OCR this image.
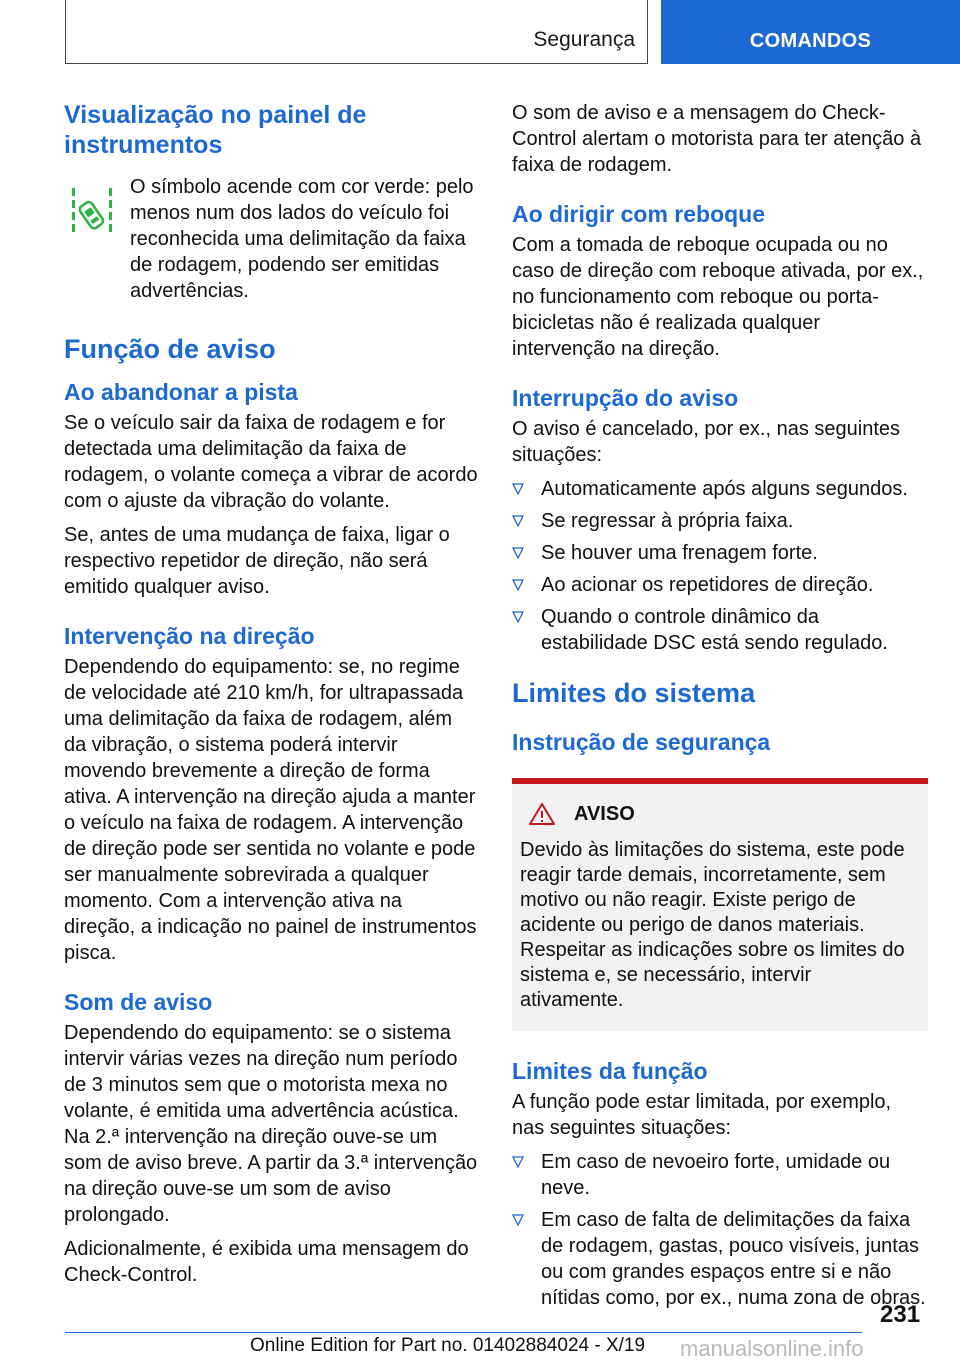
Segurança	COMANDOS
Visualização no painel de instrumentos

O símbolo acende com cor verde: pelo menos num dos lados do veículo foi reconhecida uma delimitação da faixa de rodagem, podendo ser emitidas advertências.

Função de aviso
Ao abandonar a pista

Se o veículo sair da faixa de rodagem e for detectada uma delimitação da faixa de rodagem, o volante começa a vibrar de acordo com o ajuste da vibração do volante.

Se, antes de uma mudança de faixa, ligar o respectivo repetidor de direção, não será emitido qualquer aviso.

Intervenção na direção

Dependendo do equipamento: se, no regime de velocidade até 210 km/h, for ultrapassada uma delimitação da faixa de rodagem, além da vibração, o sistema poderá intervir movendo brevemente a direção de forma ativa. A intervenção na direção ajuda a manter o veículo na faixa de rodagem. A intervenção de direção pode ser sentida no volante e pode ser manualmente sobrevirada a qualquer momento. Com a intervenção ativa na direção, a indicação no painel de instrumentos pisca.

Som de aviso

Dependendo do equipamento: se o sistema intervir várias vezes na direção num período de 3 minutos sem que o motorista mexa no volante, é emitida uma advertência acústica. Na 2.ª intervenção na direção ouve-se um som de aviso breve. A partir da 3.ª intervenção na direção ouve-se um som de aviso prolongado.

Adicionalmente, é exibida uma mensagem do Check-Control.

O som de aviso e a mensagem do Check-Control alertam o motorista para ter atenção à faixa de rodagem.

Ao dirigir com reboque

Com a tomada de reboque ocupada ou no caso de direção com reboque ativada, por ex., no funcionamento com reboque ou porta-bicicletas não é realizada qualquer intervenção na direção.

Interrupção do aviso

O aviso é cancelado, por ex., nas seguintes situações:

Automaticamente após alguns segundos.
Se regressar à própria faixa.
Se houver uma frenagem forte.
Ao acionar os repetidores de direção.
Quando o controle dinâmico da estabilidade DSC está sendo regulado.
Limites do sistema
Instrução de segurança
AVISO

Devido às limitações do sistema, este pode reagir tarde demais, incorretamente, sem motivo ou não reagir. Existe perigo de acidente ou perigo de danos materiais. Respeitar as indicações sobre os limites do sistema e, se necessário, intervir ativamente.

Limites da função

A função pode estar limitada, por exemplo, nas seguintes situações:

Em caso de nevoeiro forte, umidade ou neve.
Em caso de falta de delimitações da faixa de rodagem, gastas, pouco visíveis, juntas ou com grandes espaços entre si e não nítidas como, por ex., numa zona de obras.
231
Online Edition for Part no. 01402884024 - X/19 manualsonline.info
